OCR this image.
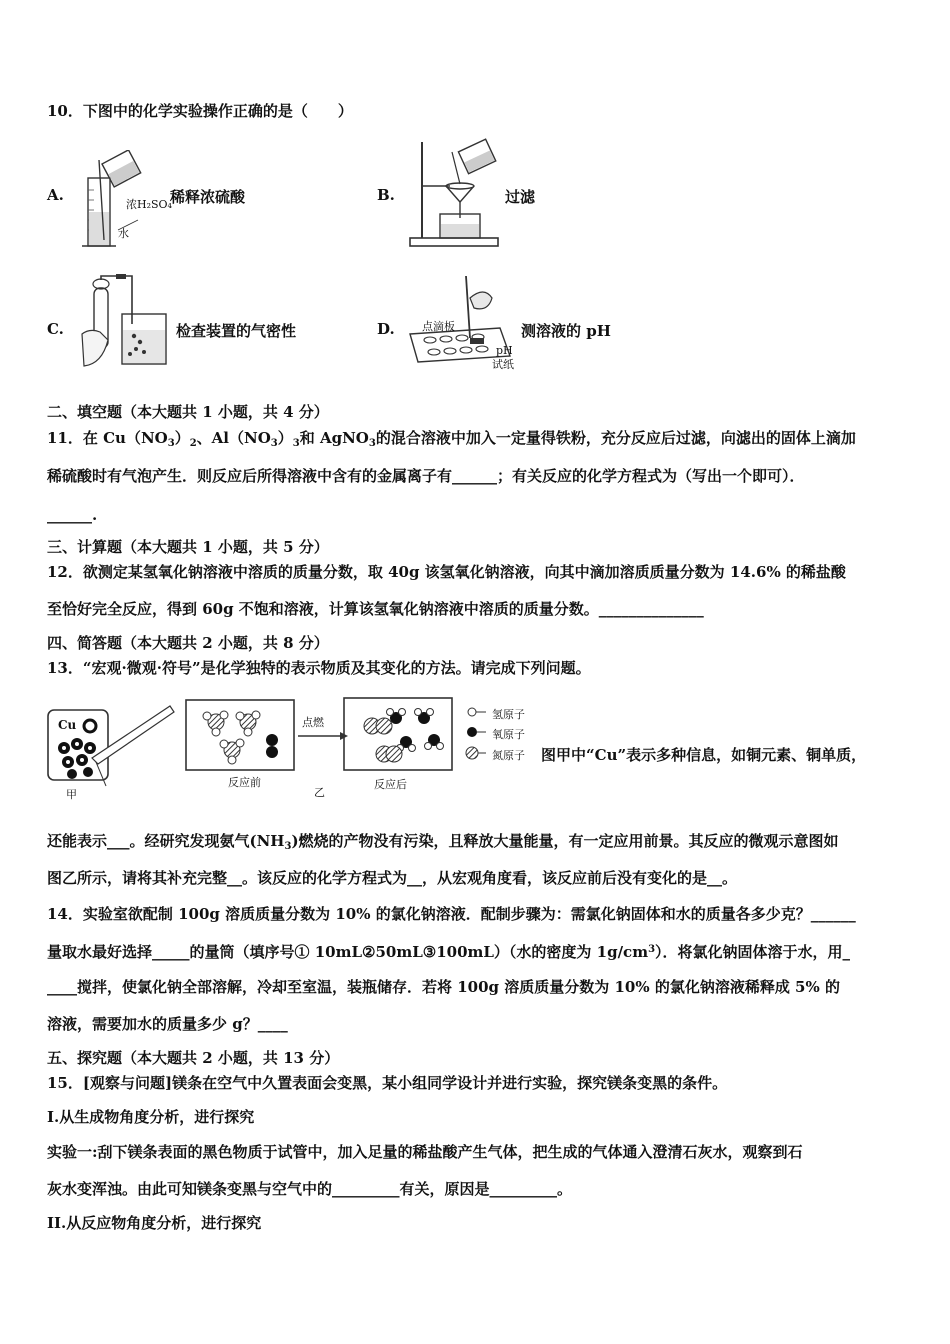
10．下图中的化学实验操作正确的是（　　）
A.
浓H₂SO₄
水
稀释浓硫酸	B.	过滤
C.	检查装置的气密性	D. 点滴板
pH
试纸
测溶液的 pH
二、填空题（本大题共 1 小题，共 4 分）
11．在 $Cu(NO_3)_2$、$Al(NO_3)_3$和 AgNO$_3$的混合溶液中加入一定量得铁粉，充分反应后过滤，向滤出的固体上滴加
稀硫酸时有气泡产生．则反应后所得溶液中含有的金属离子有______；有关反应的化学方程式为（写出一个即可）．
______.
三、计算题（本大题共 1 小题，共 5 分）
12．欲测定某氢氧化钠溶液中溶质的质量分数，取 40g 该氢氧化钠溶液，向其中滴加溶质质量分数为 14.6% 的稀盐酸
至恰好完全反应，得到 60g 不饱和溶液，计算该氢氧化钠溶液中溶质的质量分数。______________
四、简答题（本大题共 2 小题，共 8 分）
13．“宏观·微观·符号”是化学独特的表示物质及其变化的方法。请完成下列问题。
Cu
甲
反应前
点燃
乙
反应后
氢原子
氧原子
氮原子 图甲中“Cu”表示多种信息，如铜元素、铜单质，
还能表示___。经研究发现氨气$(NH_3)$燃烧的产物没有污染，且释放大量能量，有一定应用前景。其反应的微观示意图如
图乙所示，请将其补充完整__。该反应的化学方程式为__，从宏观角度看，该反应前后没有变化的是__。
14．实验室欲配制 100g 溶质质量分数为 10% 的氯化钠溶液．配制步骤为：需氯化钠固体和水的质量各多少克？______
量取水最好选择_____的量筒（填序号① 10mL②50mL③100mL）（水的密度为 $1g/cm^3$）．将氯化钠固体溶于水，用_
____搅拌，使氯化钠全部溶解，冷却至室温，装瓶储存．若将 100g 溶质质量分数为 10% 的氯化钠溶液稀释成 5% 的
溶液，需要加水的质量多少 g？____
五、探究题（本大题共 2 小题，共 13 分）
15．[观察与问题]镁条在空气中久置表面会变黑，某小组同学设计并进行实验，探究镁条变黑的条件。
I.从生成物角度分析，进行探究
实验一:刮下镁条表面的黑色物质于试管中，加入足量的稀盐酸产生气体，把生成的气体通入澄清石灰水，观察到石
灰水变浑浊。由此可知镁条变黑与空气中的_________有关，原因是_________。
II.从反应物角度分析，进行探究
